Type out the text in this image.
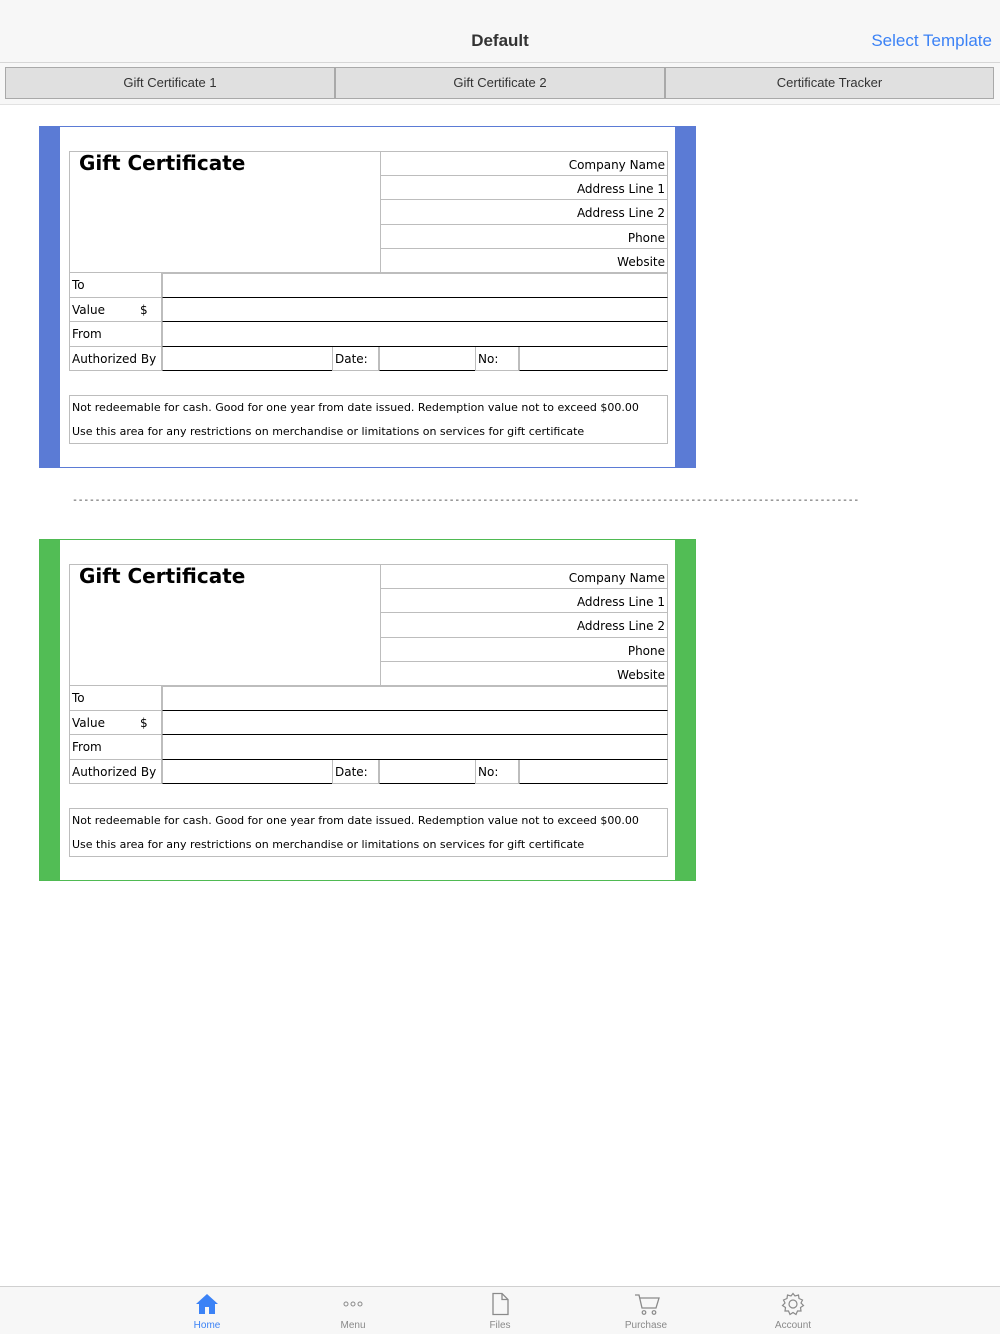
Default	Select Template
Gift Certificate 1	Gift Certificate 2	Certificate Tracker
Gift Certificate	Company Name
Address Line 1
Address Line 2
Phone
Website
To
Value	$
From
Authorized By	Date:	No:
Not redeemable for cash. Good for one year from date issued. Redemption value not to exceed $00.00
Use this area for any restrictions on merchandise or limitations on services for gift certificate
--------------------------------------------------------------------------------------------------------------------------------------------
Gift Certificate	Company Name
Address Line 1
Address Line 2
Phone
Website
To
Value	$
From
Authorized By	Date:	No:
Not redeemable for cash. Good for one year from date issued. Redemption value not to exceed $00.00
Use this area for any restrictions on merchandise or limitations on services for gift certificate
Home	Menu	Files	Purchase	Account
